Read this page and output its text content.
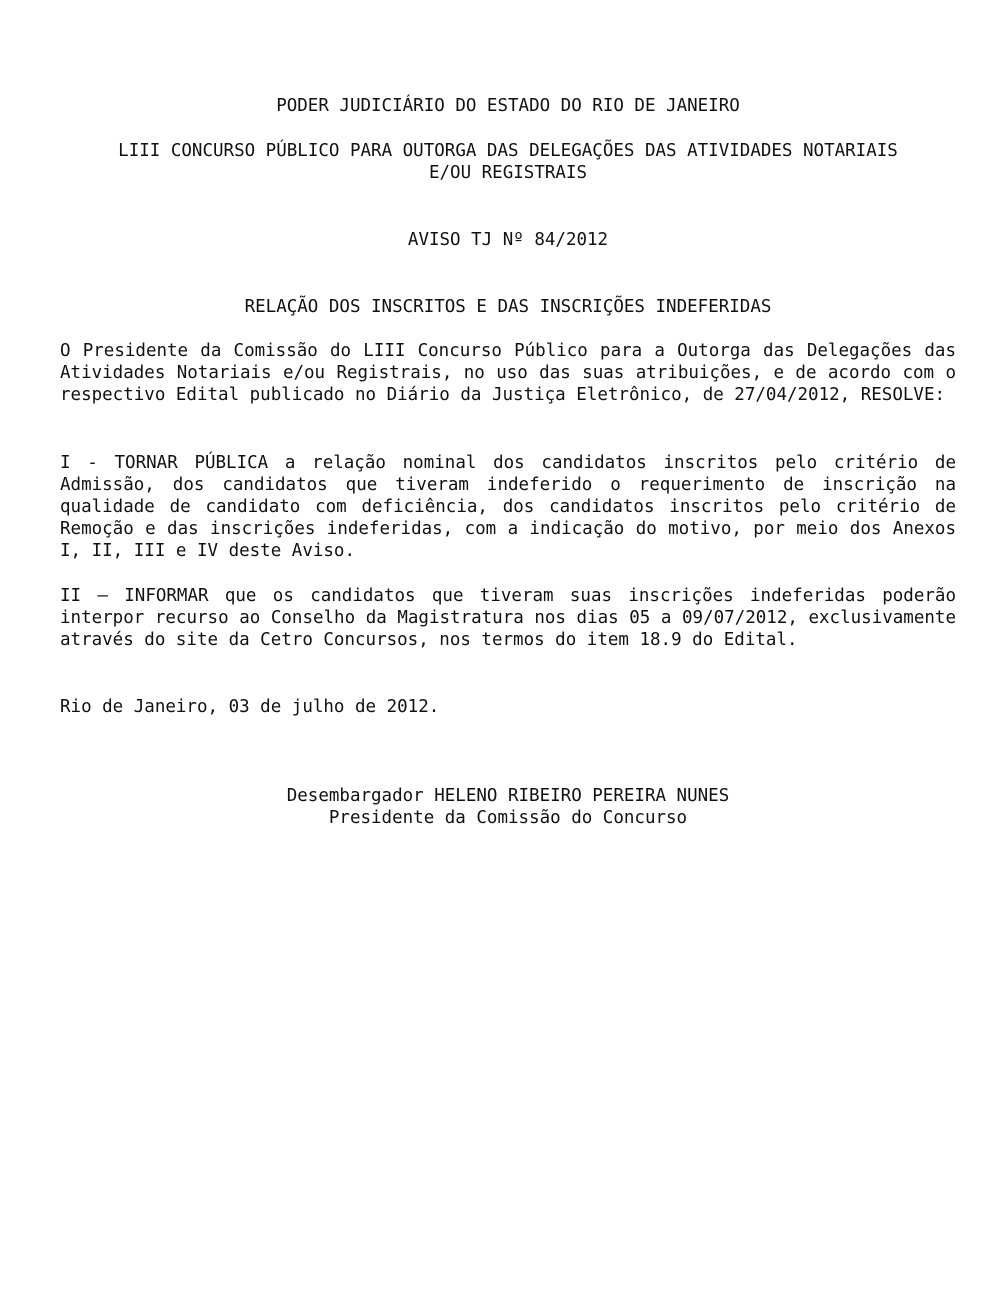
PODER JUDICIÁRIO DO ESTADO DO RIO DE JANEIRO

LIII CONCURSO PÚBLICO PARA OUTORGA DAS DELEGAÇÕES DAS ATIVIDADES NOTARIAIS
E/OU REGISTRAIS

AVISO TJ Nº 84/2012

RELAÇÃO DOS INSCRITOS E DAS INSCRIÇÕES INDEFERIDAS

O Presidente da Comissão do LIII Concurso Público para a Outorga das Delegações das Atividades Notariais e/ou Registrais, no uso das suas atribuições, e de acordo com o respectivo Edital publicado no Diário da Justiça Eletrônico, de 27/04/2012, RESOLVE:

I - TORNAR PÚBLICA a relação nominal dos candidatos inscritos pelo critério de Admissão, dos candidatos que tiveram indeferido o requerimento de inscrição na qualidade de candidato com deficiência, dos candidatos inscritos pelo critério de Remoção e das inscrições indeferidas, com a indicação do motivo, por meio dos Anexos I, II, III e IV deste Aviso.

II – INFORMAR que os candidatos que tiveram suas inscrições indeferidas poderão interpor recurso ao Conselho da Magistratura nos dias 05 a 09/07/2012, exclusivamente através do site da Cetro Concursos, nos termos do item 18.9 do Edital.

Rio de Janeiro, 03 de julho de 2012.

Desembargador HELENO RIBEIRO PEREIRA NUNES
Presidente da Comissão do Concurso
